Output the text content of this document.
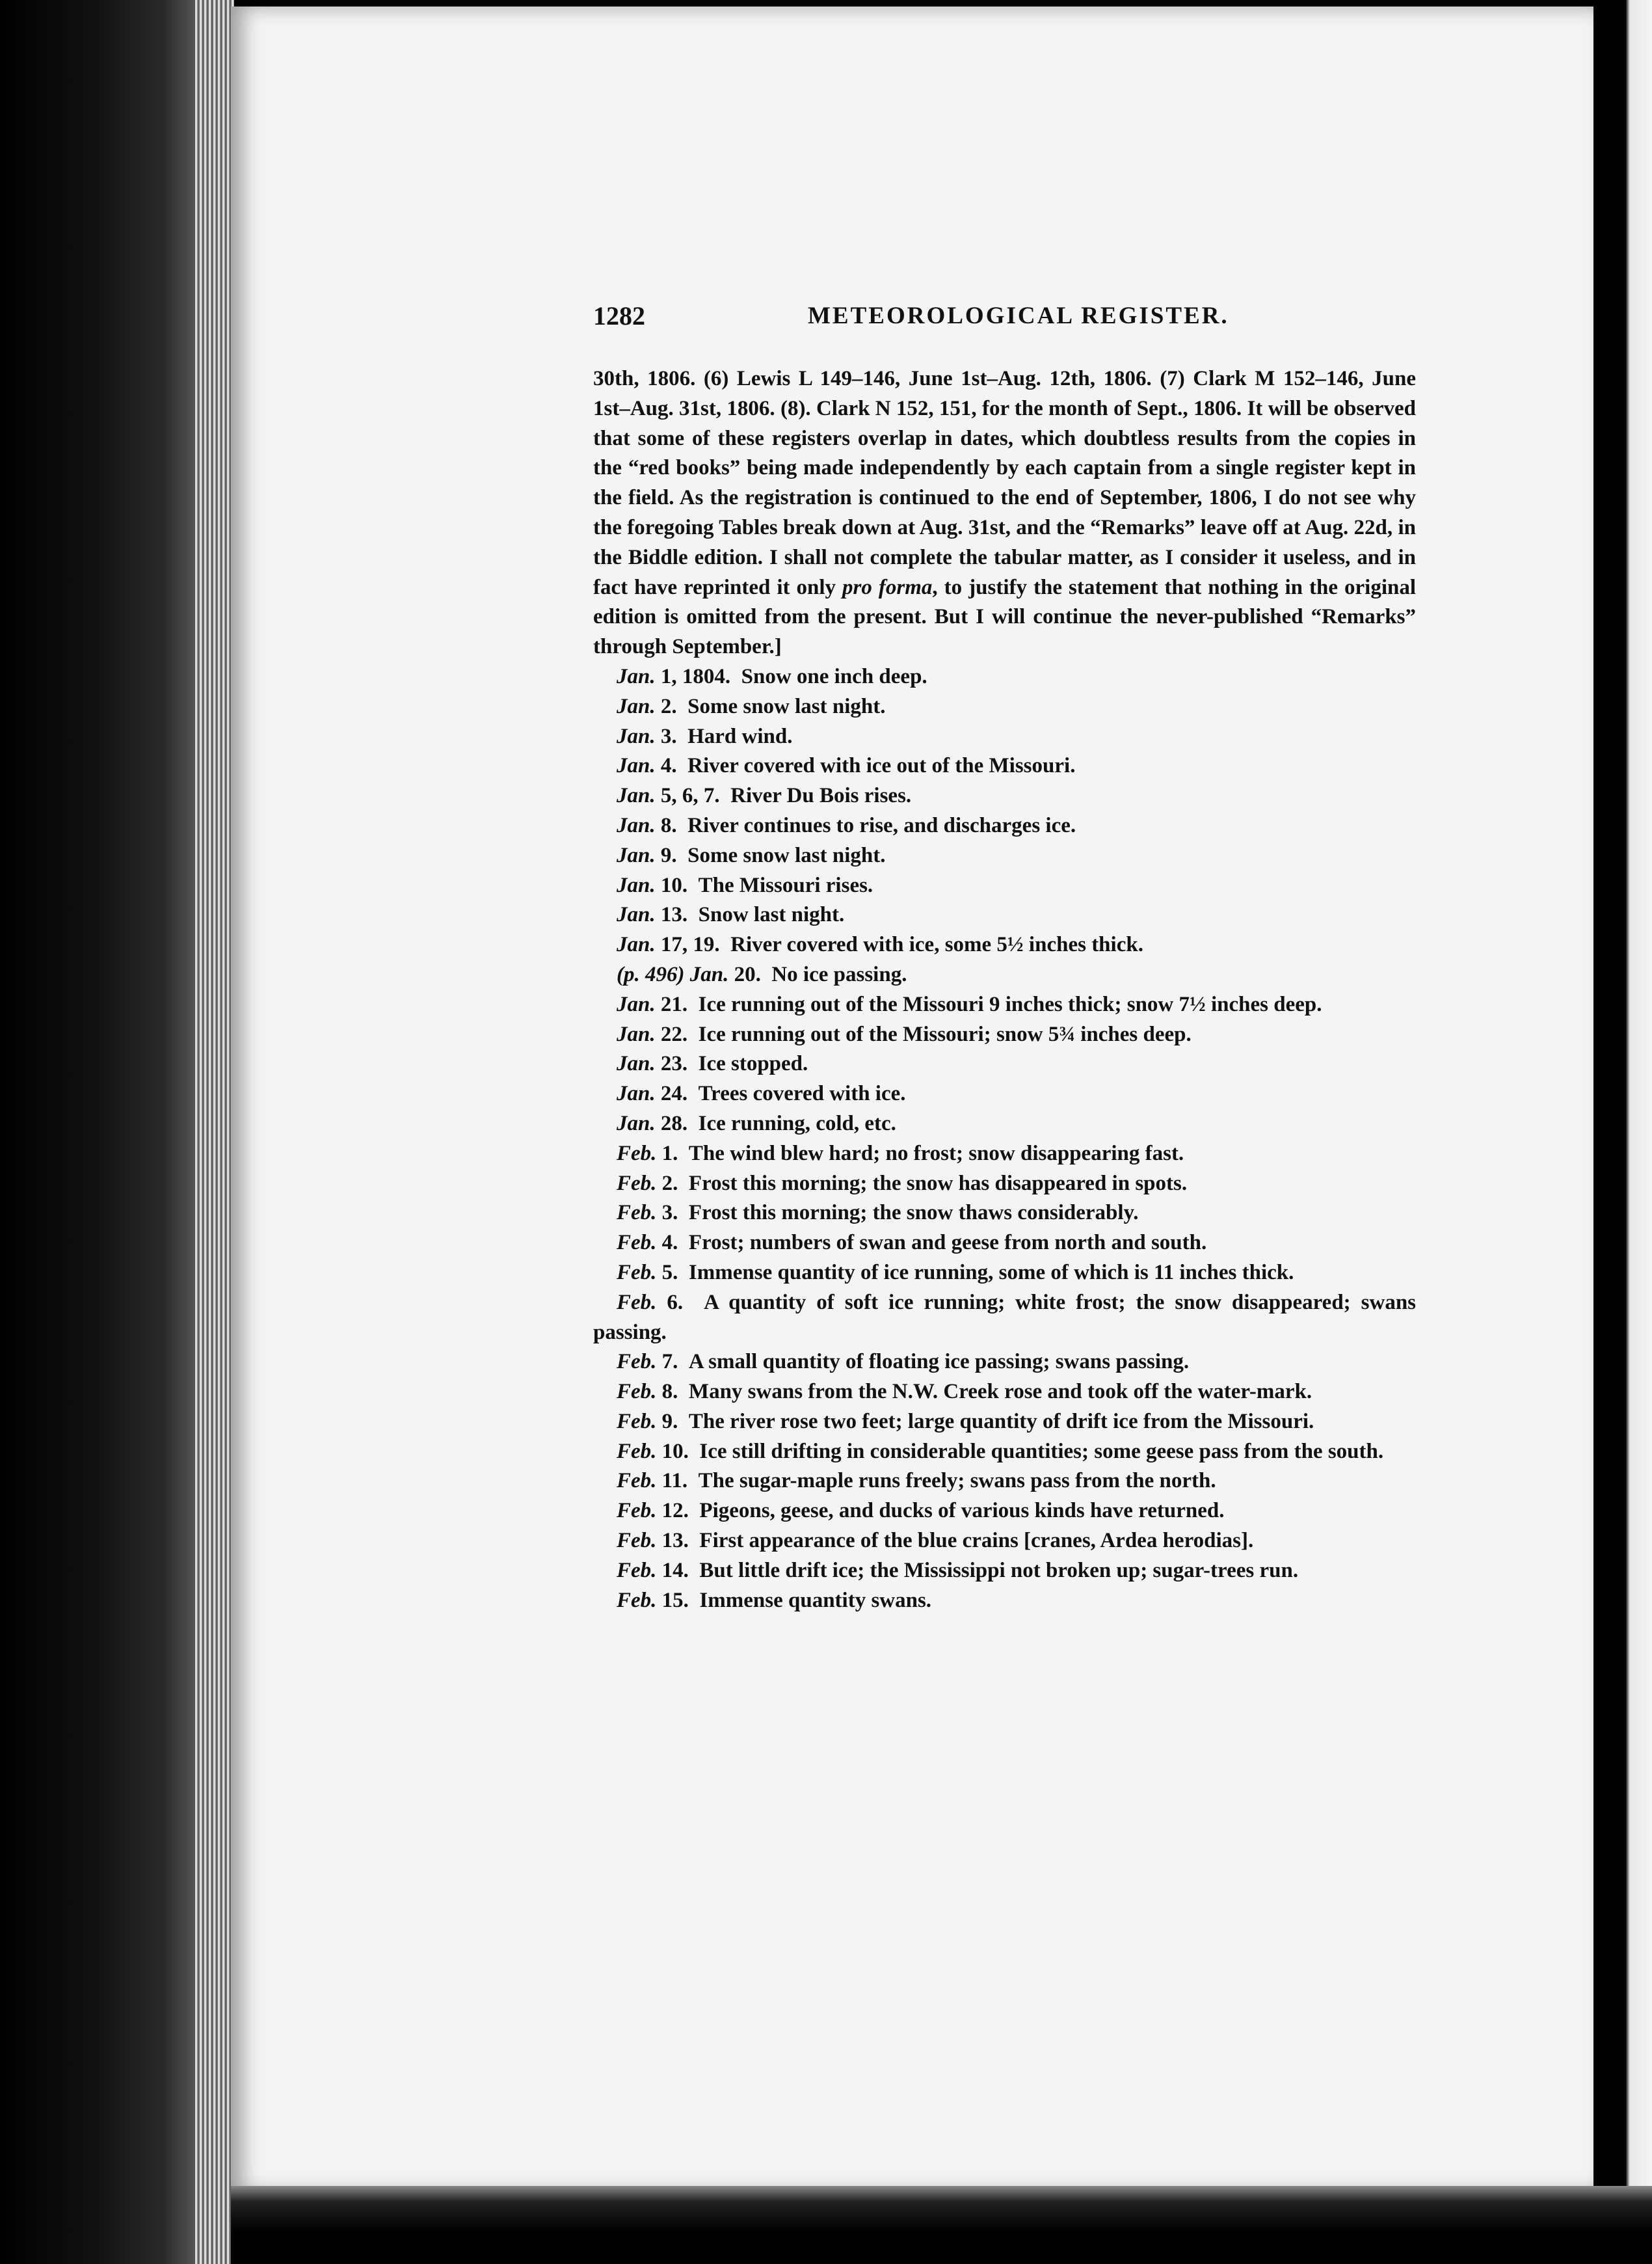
1282	METEOROLOGICAL REGISTER.

30th, 1806. (6) Lewis L 149–146, June 1st–Aug. 12th, 1806. (7) Clark M 152–146, June 1st–Aug. 31st, 1806. (8). Clark N 152, 151, for the month of Sept., 1806. It will be observed that some of these registers overlap in dates, which doubtless results from the copies in the “red books” being made independently by each captain from a single register kept in the field. As the registration is continued to the end of September, 1806, I do not see why the foregoing Tables break down at Aug. 31st, and the “Remarks” leave off at Aug. 22d, in the Biddle edition. I shall not complete the tabular matter, as I consider it useless, and in fact have reprinted it only pro forma, to justify the statement that nothing in the original edition is omitted from the present. But I will continue the never-published “Remarks” through September.]

Jan. 1, 1804. Snow one inch deep.

Jan. 2. Some snow last night.

Jan. 3. Hard wind.

Jan. 4. River covered with ice out of the Missouri.

Jan. 5, 6, 7. River Du Bois rises.

Jan. 8. River continues to rise, and discharges ice.

Jan. 9. Some snow last night.

Jan. 10. The Missouri rises.

Jan. 13. Snow last night.

Jan. 17, 19. River covered with ice, some 5½ inches thick.

(p. 496) Jan. 20. No ice passing.

Jan. 21. Ice running out of the Missouri 9 inches thick; snow 7½ inches deep.

Jan. 22. Ice running out of the Missouri; snow 5¾ inches deep.

Jan. 23. Ice stopped.

Jan. 24. Trees covered with ice.

Jan. 28. Ice running, cold, etc.

Feb. 1. The wind blew hard; no frost; snow disappearing fast.

Feb. 2. Frost this morning; the snow has disappeared in spots.

Feb. 3. Frost this morning; the snow thaws considerably.

Feb. 4. Frost; numbers of swan and geese from north and south.

Feb. 5. Immense quantity of ice running, some of which is 11 inches thick.

Feb. 6. A quantity of soft ice running; white frost; the snow disappeared; swans passing.

Feb. 7. A small quantity of floating ice passing; swans passing.

Feb. 8. Many swans from the N.W. Creek rose and took off the water-mark.

Feb. 9. The river rose two feet; large quantity of drift ice from the Missouri.

Feb. 10. Ice still drifting in considerable quantities; some geese pass from the south.

Feb. 11. The sugar-maple runs freely; swans pass from the north.

Feb. 12. Pigeons, geese, and ducks of various kinds have returned.

Feb. 13. First appearance of the blue crains [cranes, Ardea herodias].

Feb. 14. But little drift ice; the Mississippi not broken up; sugar-trees run.

Feb. 15. Immense quantity swans.
